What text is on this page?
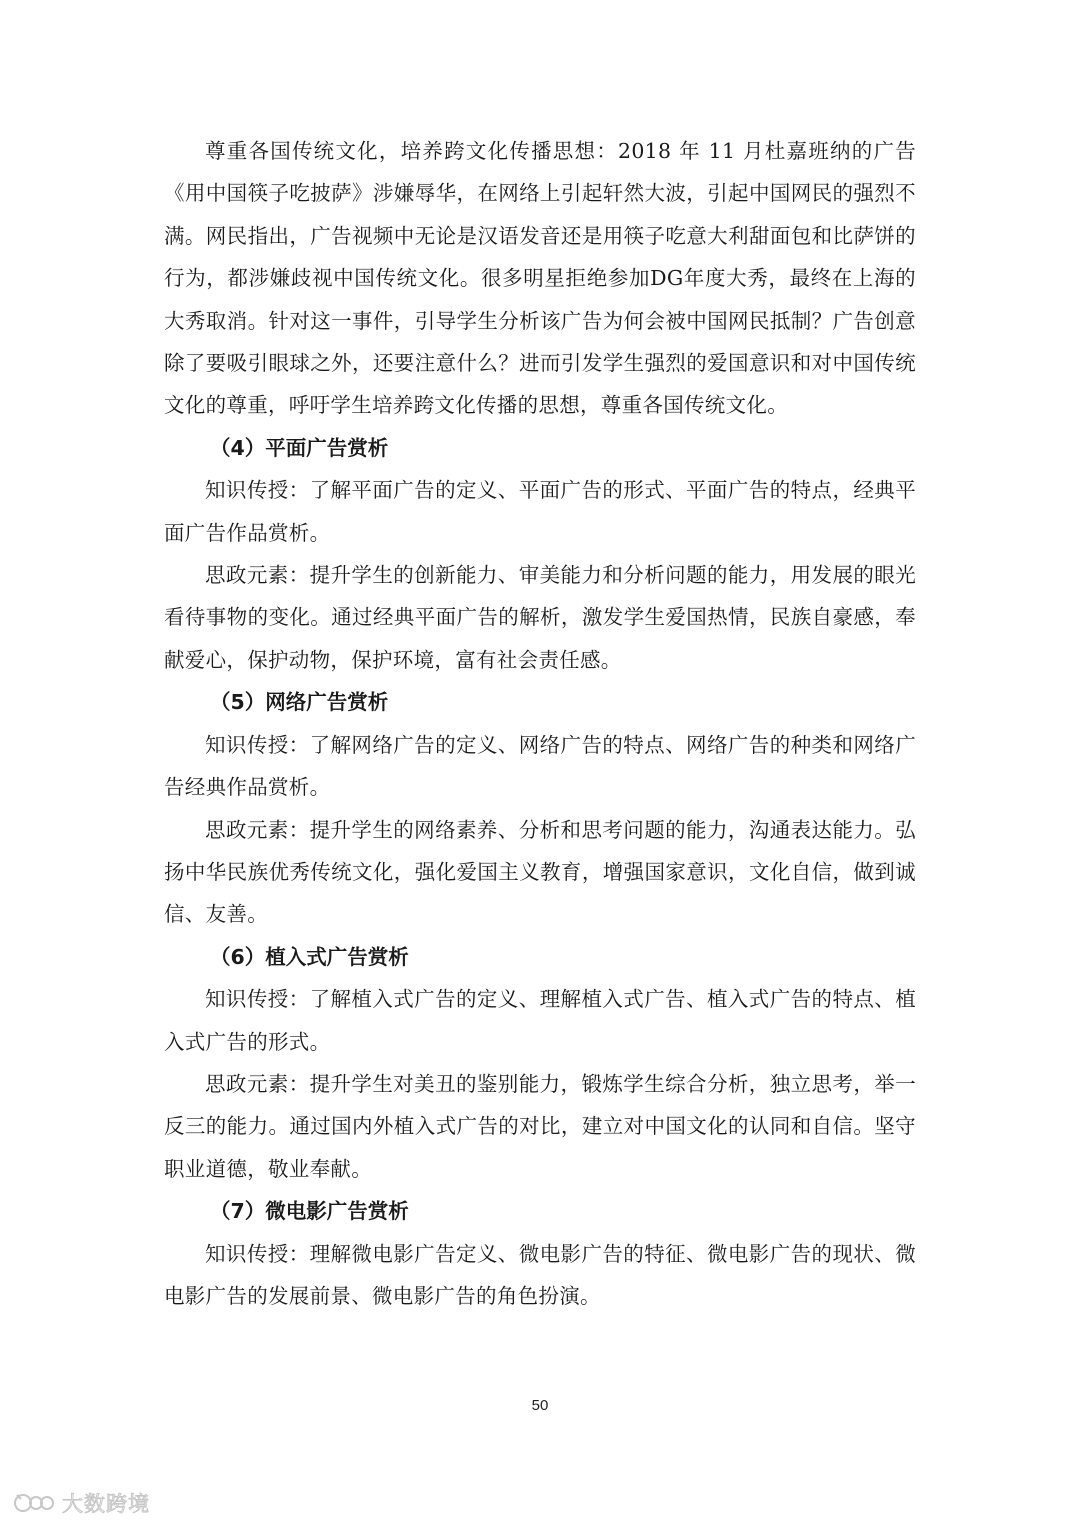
尊重各国传统文化，培养跨文化传播思想：2018 年 11 月杜嘉班纳的广告《用中国筷子吃披萨》涉嫌辱华，在网络上引起轩然大波，引起中国网民的强烈不满。网民指出，广告视频中无论是汉语发音还是用筷子吃意大利甜面包和比萨饼的行为，都涉嫌歧视中国传统文化。很多明星拒绝参加DG年度大秀，最终在上海的大秀取消。针对这一事件，引导学生分析该广告为何会被中国网民抵制？广告创意除了要吸引眼球之外，还要注意什么？进而引发学生强烈的爱国意识和对中国传统文化的尊重，呼吁学生培养跨文化传播的思想，尊重各国传统文化。

（4）平面广告赏析

知识传授：了解平面广告的定义、平面广告的形式、平面广告的特点，经典平面广告作品赏析。

思政元素：提升学生的创新能力、审美能力和分析问题的能力，用发展的眼光看待事物的变化。通过经典平面广告的解析，激发学生爱国热情，民族自豪感，奉献爱心，保护动物，保护环境，富有社会责任感。

（5）网络广告赏析

知识传授：了解网络广告的定义、网络广告的特点、网络广告的种类和网络广告经典作品赏析。

思政元素：提升学生的网络素养、分析和思考问题的能力，沟通表达能力。弘扬中华民族优秀传统文化，强化爱国主义教育，增强国家意识，文化自信，做到诚信、友善。

（6）植入式广告赏析

知识传授：了解植入式广告的定义、理解植入式广告、植入式广告的特点、植入式广告的形式。

思政元素：提升学生对美丑的鉴别能力，锻炼学生综合分析，独立思考，举一反三的能力。通过国内外植入式广告的对比，建立对中国文化的认同和自信。坚守职业道德，敬业奉献。

（7）微电影广告赏析

知识传授：理解微电影广告定义、微电影广告的特征、微电影广告的现状、微电影广告的发展前景、微电影广告的角色扮演。

50
大数跨境
